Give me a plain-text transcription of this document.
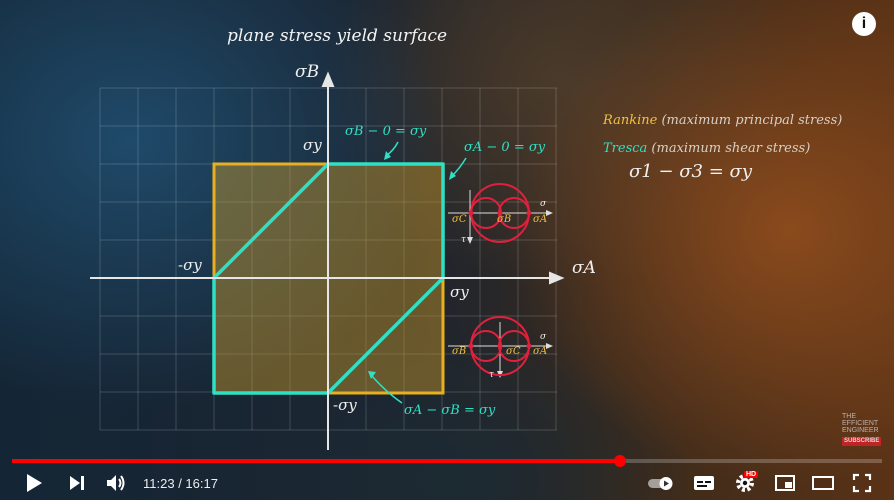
plane stress yield surface
σB
σA
σy
σy
-σy
-σy
σB − 0 = σy
σA − 0 = σy
σA − σB = σy
σC	σB σA
σ
τ
σB	σC σA
σ
τ
Rankine (maximum principal stress)
Tresca (maximum shear stress)
σ1 − σ3 = σy
i
THE
EFFICIENT
ENGINEER
SUBSCRIBE
11:23 / 16:17
HD
